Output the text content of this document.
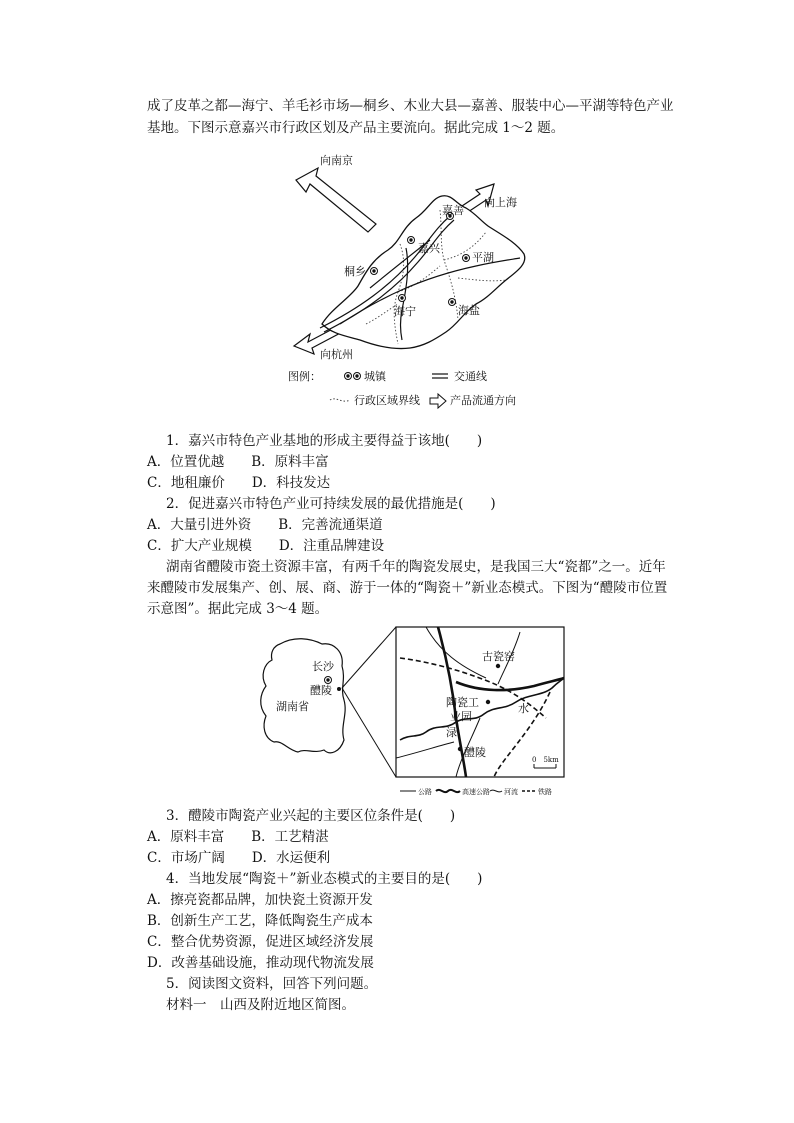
成了皮革之都—海宁、羊毛衫市场—桐乡、木业大县—嘉善、服装中心—平湖等特色产业
基地。下图示意嘉兴市行政区划及产品主要流向。据此完成 1～2 题。
向南京
向上海
向杭州
嘉善
嘉兴
平湖
桐乡
海宁	海盐
图例：	城镇	交通线
行政区域界线	产品流通方向
1．嘉兴市特色产业基地的形成主要得益于该地(　　)
A．位置优越　　B．原料丰富
C．地租廉价　　D．科技发达
2．促进嘉兴市特色产业可持续发展的最优措施是(　　)
A．大量引进外资　　B．完善流通渠道
C．扩大产业规模　　D．注重品牌建设
湖南省醴陵市瓷土资源丰富，有两千年的陶瓷发展史，是我国三大“瓷都”之一。近年
来醴陵市发展集产、创、展、商、游于一体的“陶瓷＋”新业态模式。下图为“醴陵市位置
示意图”。据此完成 3～4 题。
长沙
醴陵
湖南省
古瓷窑
陶瓷工
业园
渌
水
醴陵
0　5km
公路	高速公路 河流	铁路
3．醴陵市陶瓷产业兴起的主要区位条件是(　　)
A．原料丰富　　B．工艺精湛
C．市场广阔　　D．水运便利
4．当地发展“陶瓷＋”新业态模式的主要目的是(　　)
A．擦亮瓷都品牌，加快瓷土资源开发
B．创新生产工艺，降低陶瓷生产成本
C．整合优势资源，促进区域经济发展
D．改善基础设施，推动现代物流发展
5．阅读图文资料，回答下列问题。
材料一　山西及附近地区简图。
